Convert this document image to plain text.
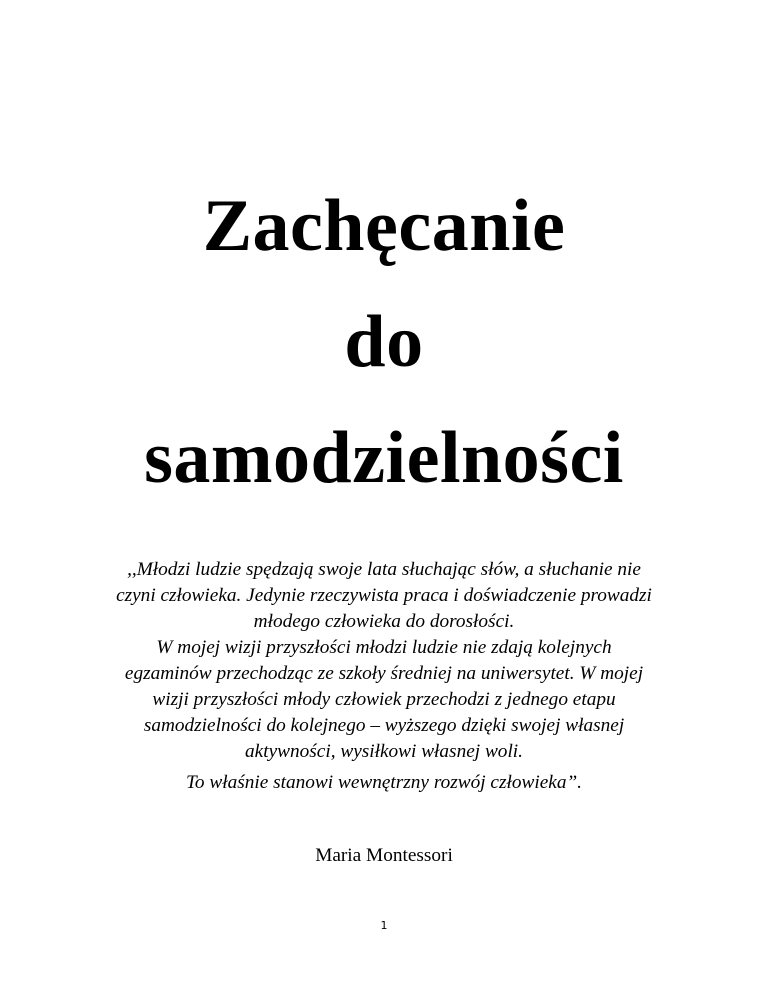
Zachęcanie
do
samodzielności

,,Młodzi ludzie spędzają swoje lata słuchając słów, a słuchanie nie
czyni człowieka. Jedynie rzeczywista praca i doświadczenie prowadzi
młodego człowieka do dorosłości.
W mojej wizji przyszłości młodzi ludzie nie zdają kolejnych
egzaminów przechodząc ze szkoły średniej na uniwersytet. W mojej
wizji przyszłości młody człowiek przechodzi z jednego etapu
samodzielności do kolejnego – wyższego dzięki swojej własnej
aktywności, wysiłkowi własnej woli.

To właśnie stanowi wewnętrzny rozwój człowieka”.

Maria Montessori

1
